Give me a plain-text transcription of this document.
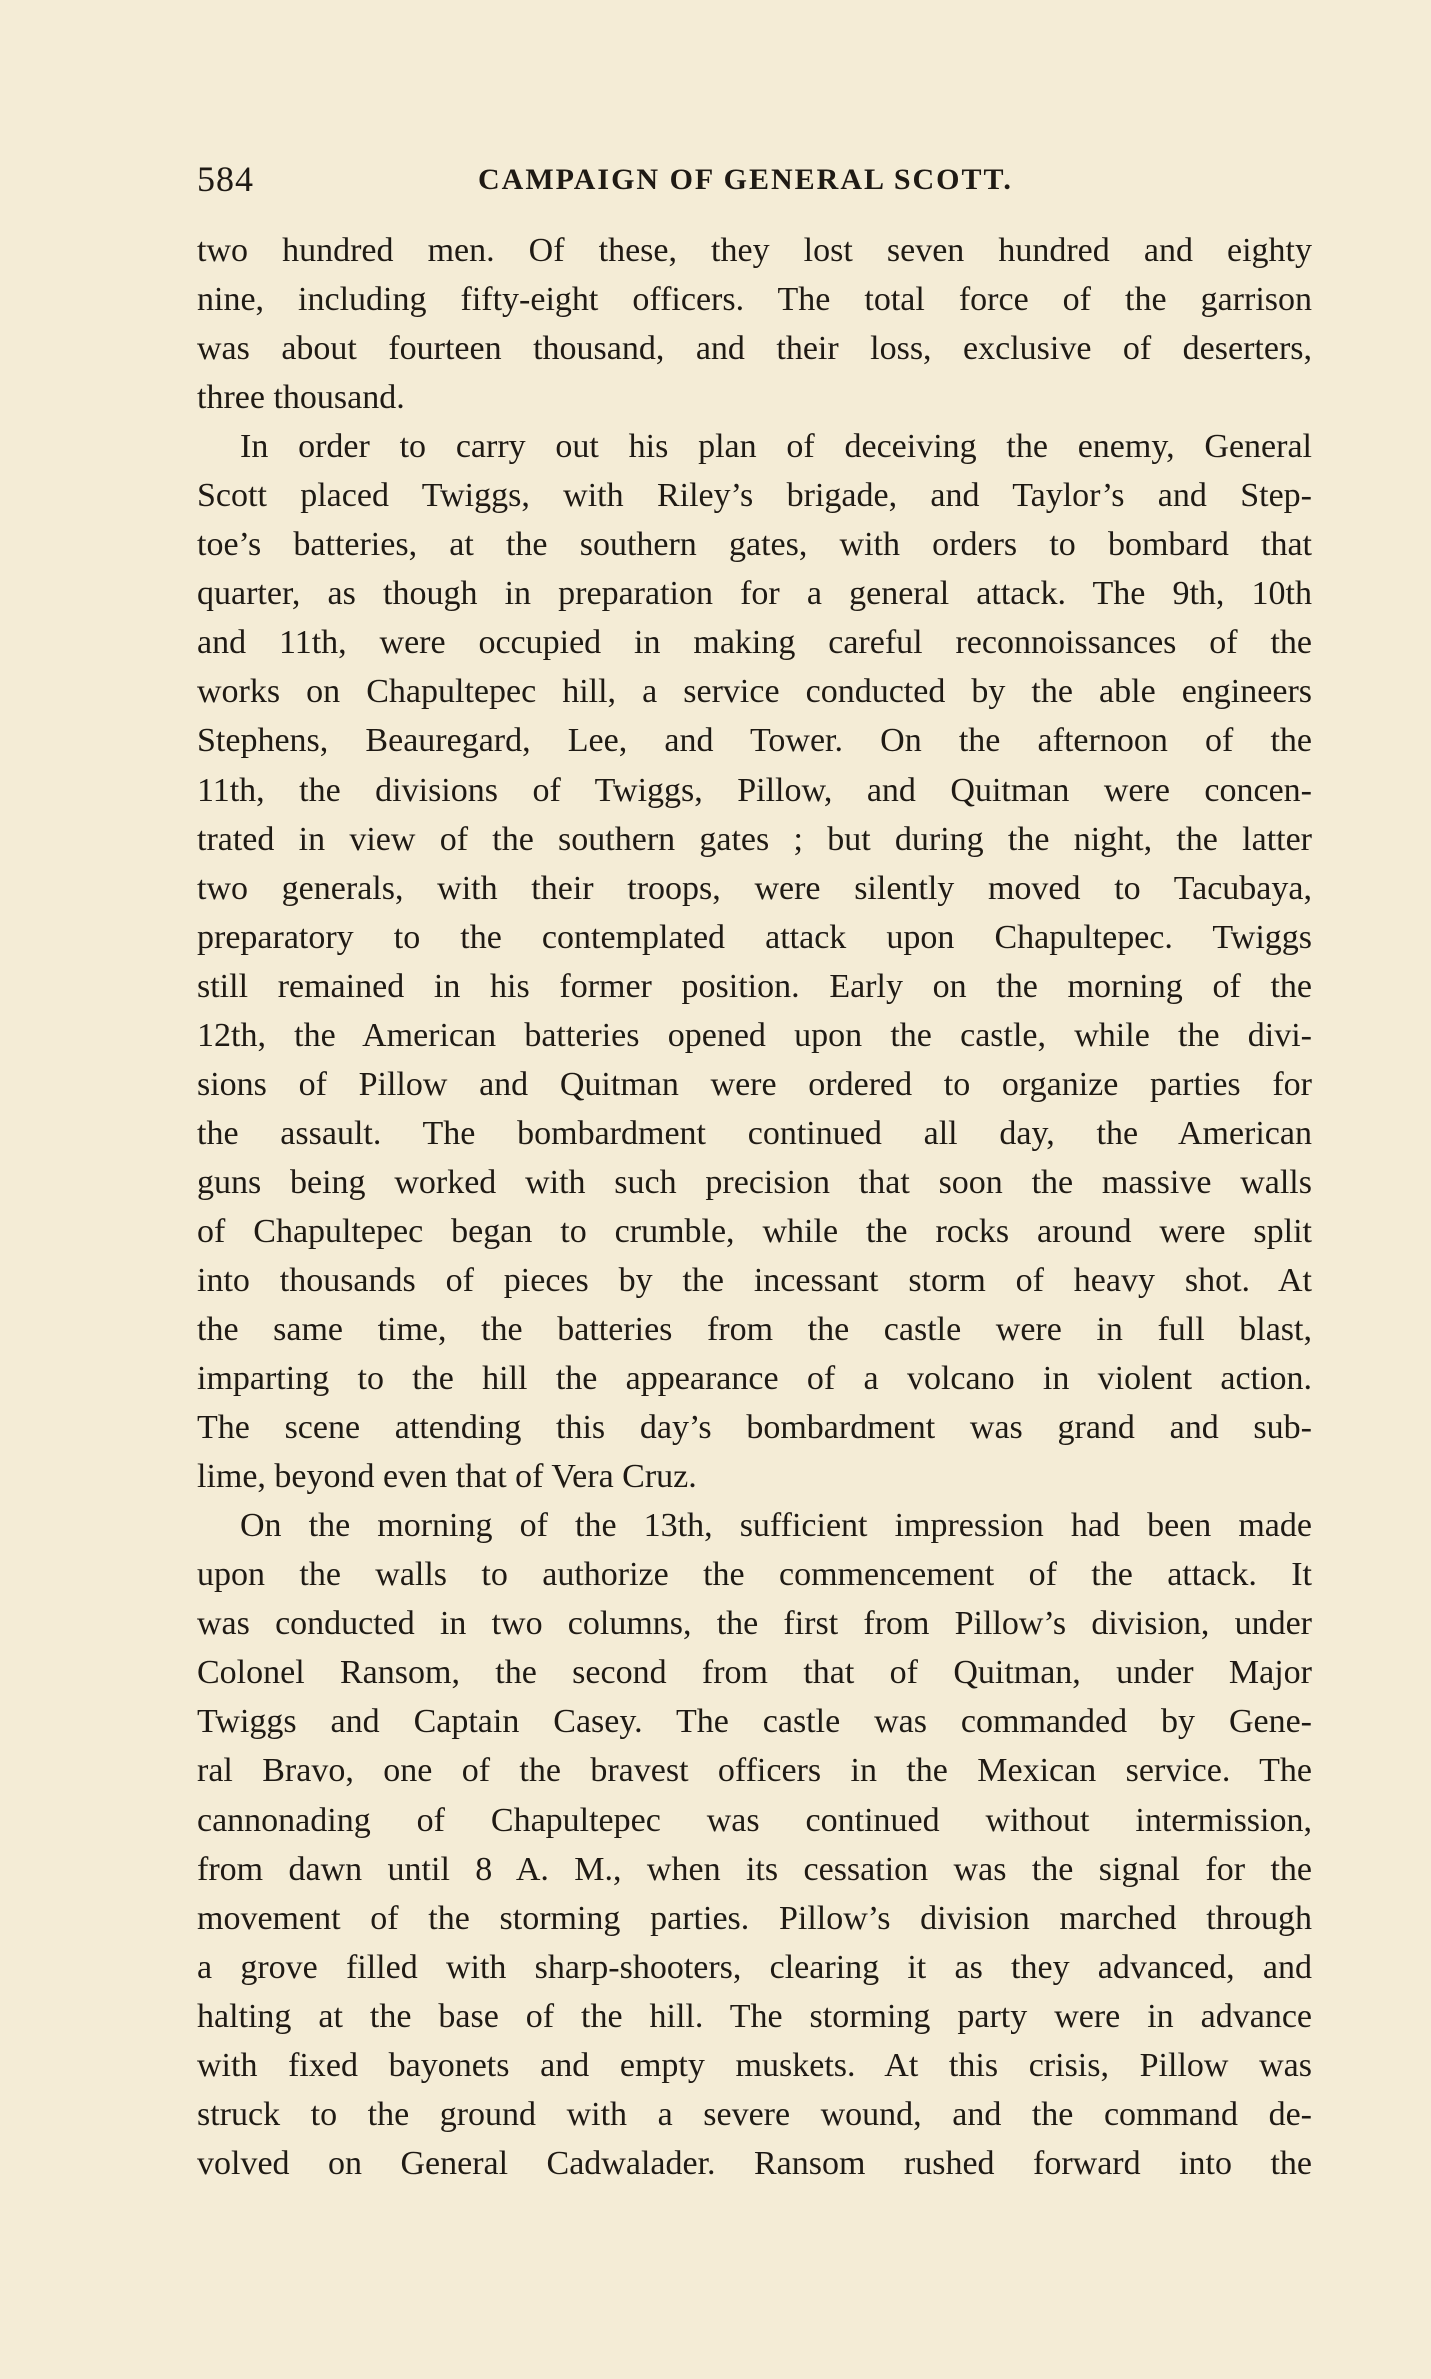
584	CAMPAIGN OF GENERAL SCOTT.
two hundred men. Of these, they lost seven hundred and eighty
nine, including fifty-eight officers. The total force of the garrison
was about fourteen thousand, and their loss, exclusive of deserters,
three thousand.
In order to carry out his plan of deceiving the enemy, General
Scott placed Twiggs, with Riley’s brigade, and Taylor’s and Step-
toe’s batteries, at the southern gates, with orders to bombard that
quarter, as though in preparation for a general attack. The 9th, 10th
and 11th, were occupied in making careful reconnoissances of the
works on Chapultepec hill, a service conducted by the able engineers
Stephens, Beauregard, Lee, and Tower. On the afternoon of the
11th, the divisions of Twiggs, Pillow, and Quitman were concen-
trated in view of the southern gates ; but during the night, the latter
two generals, with their troops, were silently moved to Tacubaya,
preparatory to the contemplated attack upon Chapultepec. Twiggs
still remained in his former position. Early on the morning of the
12th, the American batteries opened upon the castle, while the divi-
sions of Pillow and Quitman were ordered to organize parties for
the assault. The bombardment continued all day, the American
guns being worked with such precision that soon the massive walls
of Chapultepec began to crumble, while the rocks around were split
into thousands of pieces by the incessant storm of heavy shot. At
the same time, the batteries from the castle were in full blast,
imparting to the hill the appearance of a volcano in violent action.
The scene attending this day’s bombardment was grand and sub-
lime, beyond even that of Vera Cruz.
On the morning of the 13th, sufficient impression had been made
upon the walls to authorize the commencement of the attack. It
was conducted in two columns, the first from Pillow’s division, under
Colonel Ransom, the second from that of Quitman, under Major
Twiggs and Captain Casey. The castle was commanded by Gene-
ral Bravo, one of the bravest officers in the Mexican service. The
cannonading of Chapultepec was continued without intermission,
from dawn until 8 A. M., when its cessation was the signal for the
movement of the storming parties. Pillow’s division marched through
a grove filled with sharp-shooters, clearing it as they advanced, and
halting at the base of the hill. The storming party were in advance
with fixed bayonets and empty muskets. At this crisis, Pillow was
struck to the ground with a severe wound, and the command de-
volved on General Cadwalader. Ransom rushed forward into the
